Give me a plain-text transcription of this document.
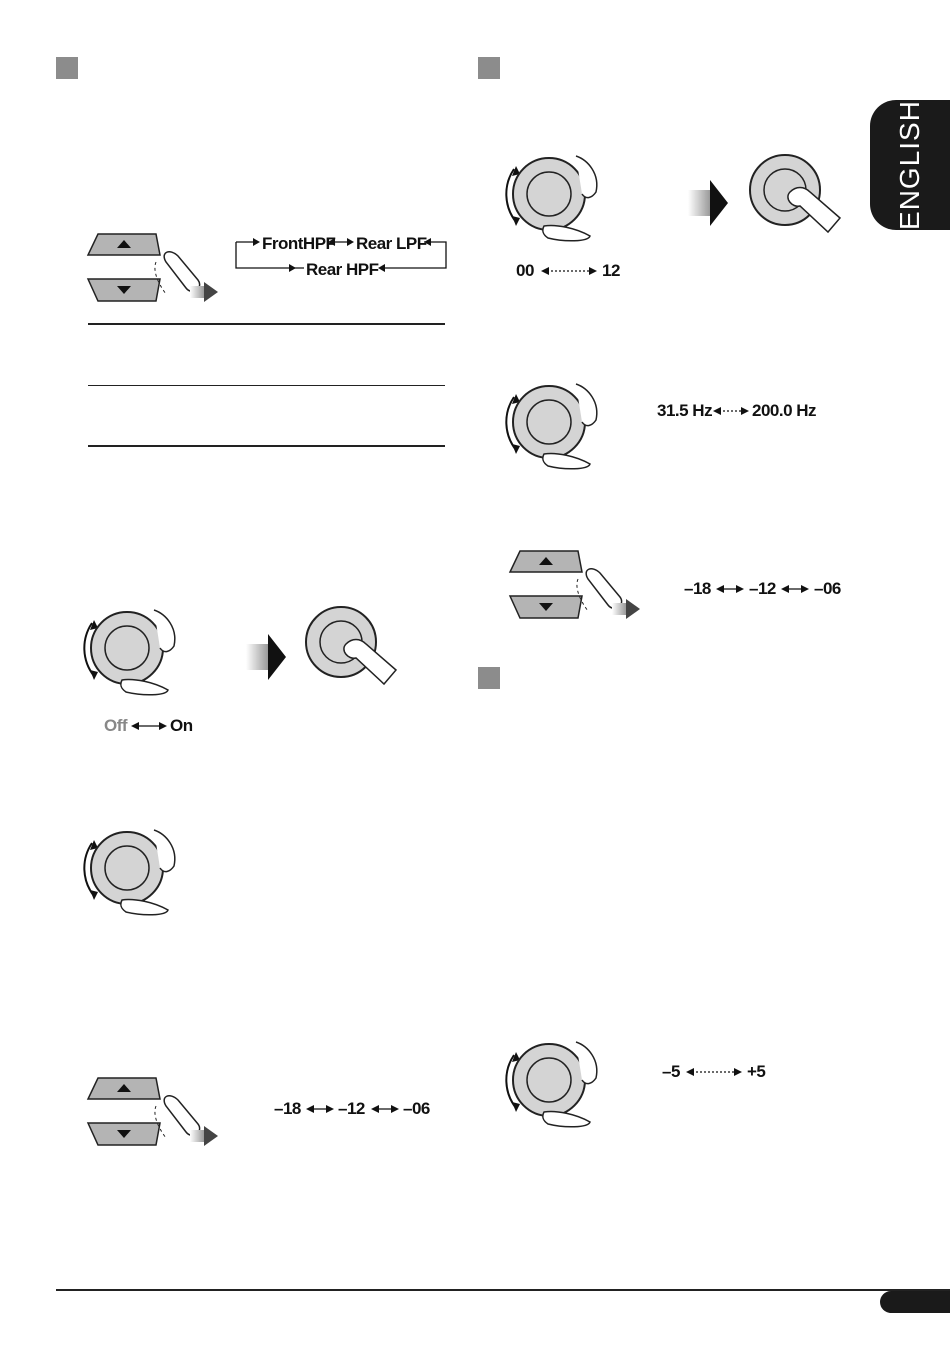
ENGLISH
FrontHPF Rear LPF
Rear HPF
Off	On
–18 –12 –06
00	12
31.5 Hz 200.0 Hz
–18 –12 –06
–5	+5
